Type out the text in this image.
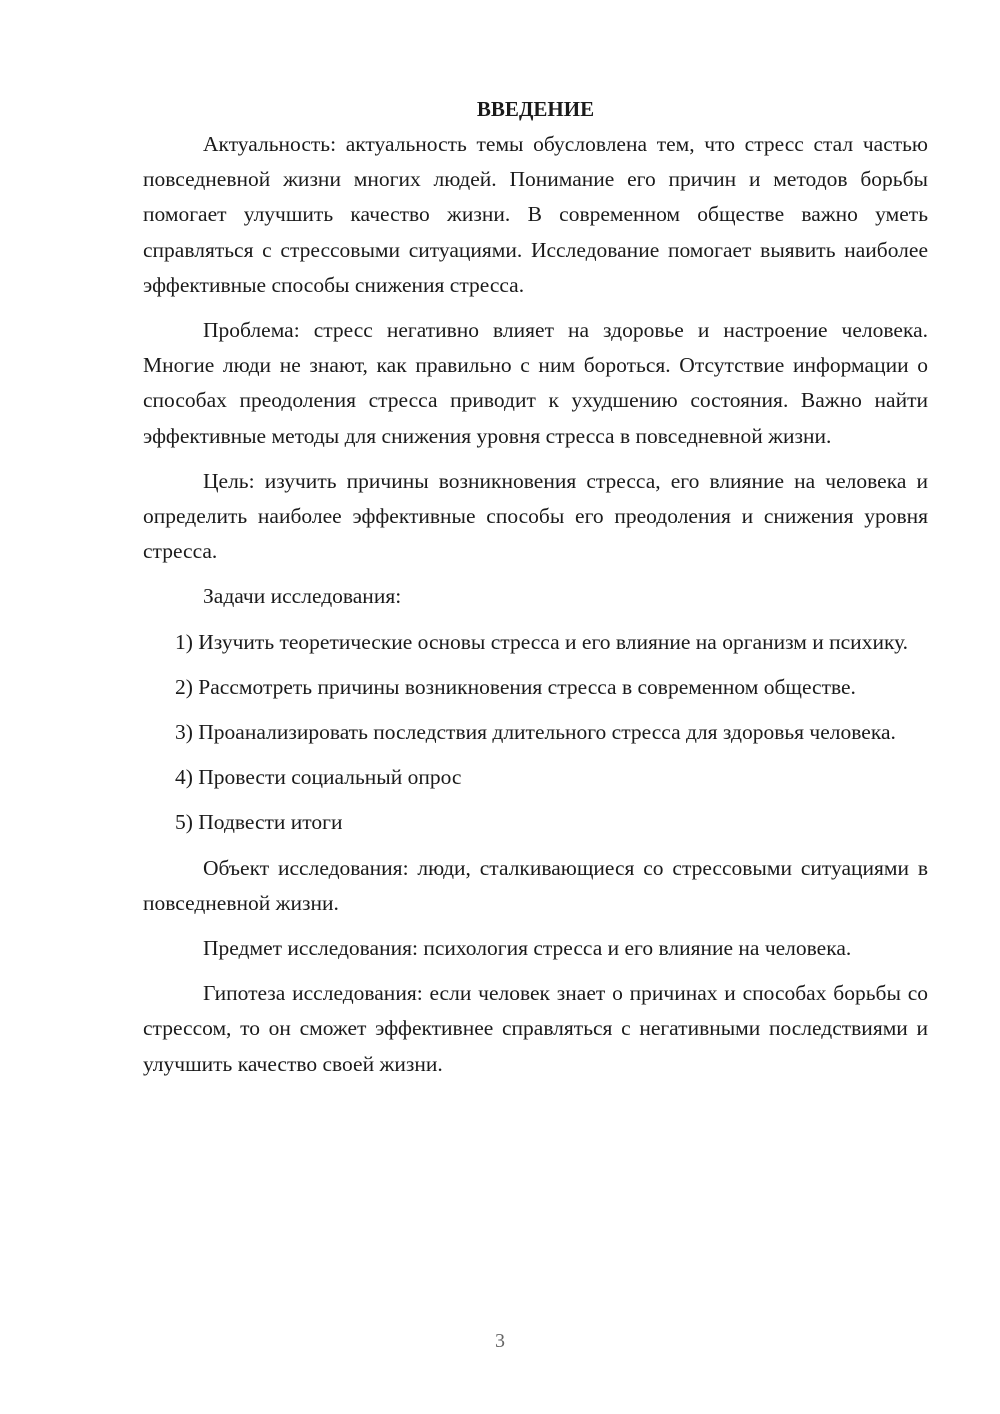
ВВЕДЕНИЕ

Актуальность: актуальность темы обусловлена тем, что стресс стал частью повседневной жизни многих людей. Понимание его причин и методов борьбы помогает улучшить качество жизни. В современном обществе важно уметь справляться с стрессовыми ситуациями. Исследование помогает выявить наиболее эффективные способы снижения стресса.

Проблема: стресс негативно влияет на здоровье и настроение человека. Многие люди не знают, как правильно с ним бороться. Отсутствие информации о способах преодоления стресса приводит к ухудшению состояния. Важно найти эффективные методы для снижения уровня стресса в повседневной жизни.

Цель: изучить причины возникновения стресса, его влияние на человека и определить наиболее эффективные способы его преодоления и снижения уровня стресса.

Задачи исследования:

1) Изучить теоретические основы стресса и его влияние на организм и психику.

2) Рассмотреть причины возникновения стресса в современном обществе.

3) Проанализировать последствия длительного стресса для здоровья человека.

4) Провести социальный опрос

5) Подвести итоги

Объект исследования: люди, сталкивающиеся со стрессовыми ситуациями в повседневной жизни.

Предмет исследования: психология стресса и его влияние на человека.

Гипотеза исследования: если человек знает о причинах и способах борьбы со стрессом, то он сможет эффективнее справляться с негативными последствиями и улучшить качество своей жизни.

3
